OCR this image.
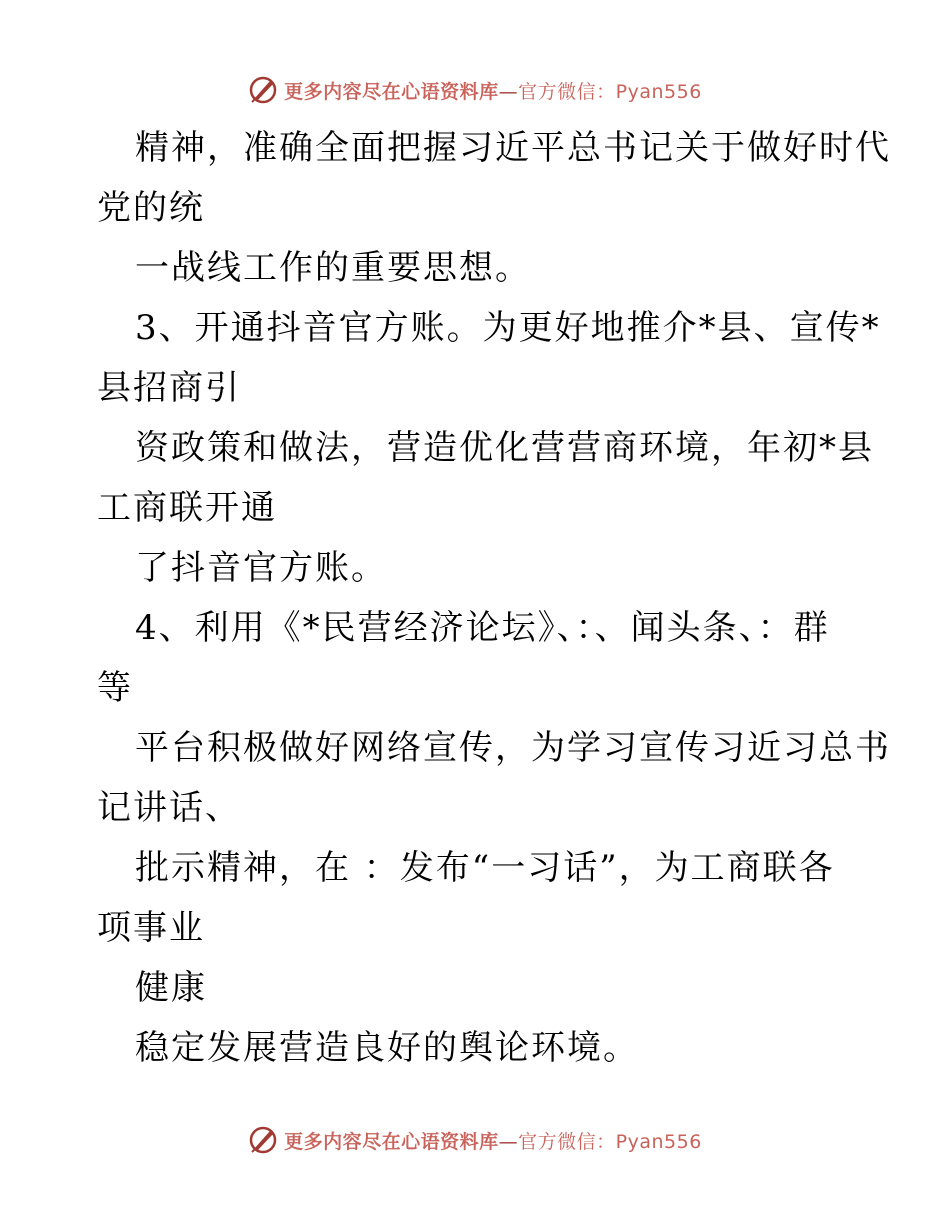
更多内容尽在心语资料库—官方微信：Pyan556
精神，准确全面把握习近平总书记关于做好时代
党的统
一战线工作的重要思想。
3、开通抖音官方账。为更好地推介*县、宣传*
县招商引
资政策和做法，营造优化营营商环境，年初*县
工商联开通
了抖音官方账。
4、利用《*民营经济论坛》、：、闻头条、：群
等
平台积极做好网络宣传，为学习宣传习近习总书
记讲话、
批示精神，在 ：发布“一习话”，为工商联各
项事业
健康
稳定发展营造良好的舆论环境。
更多内容尽在心语资料库—官方微信：Pyan556
